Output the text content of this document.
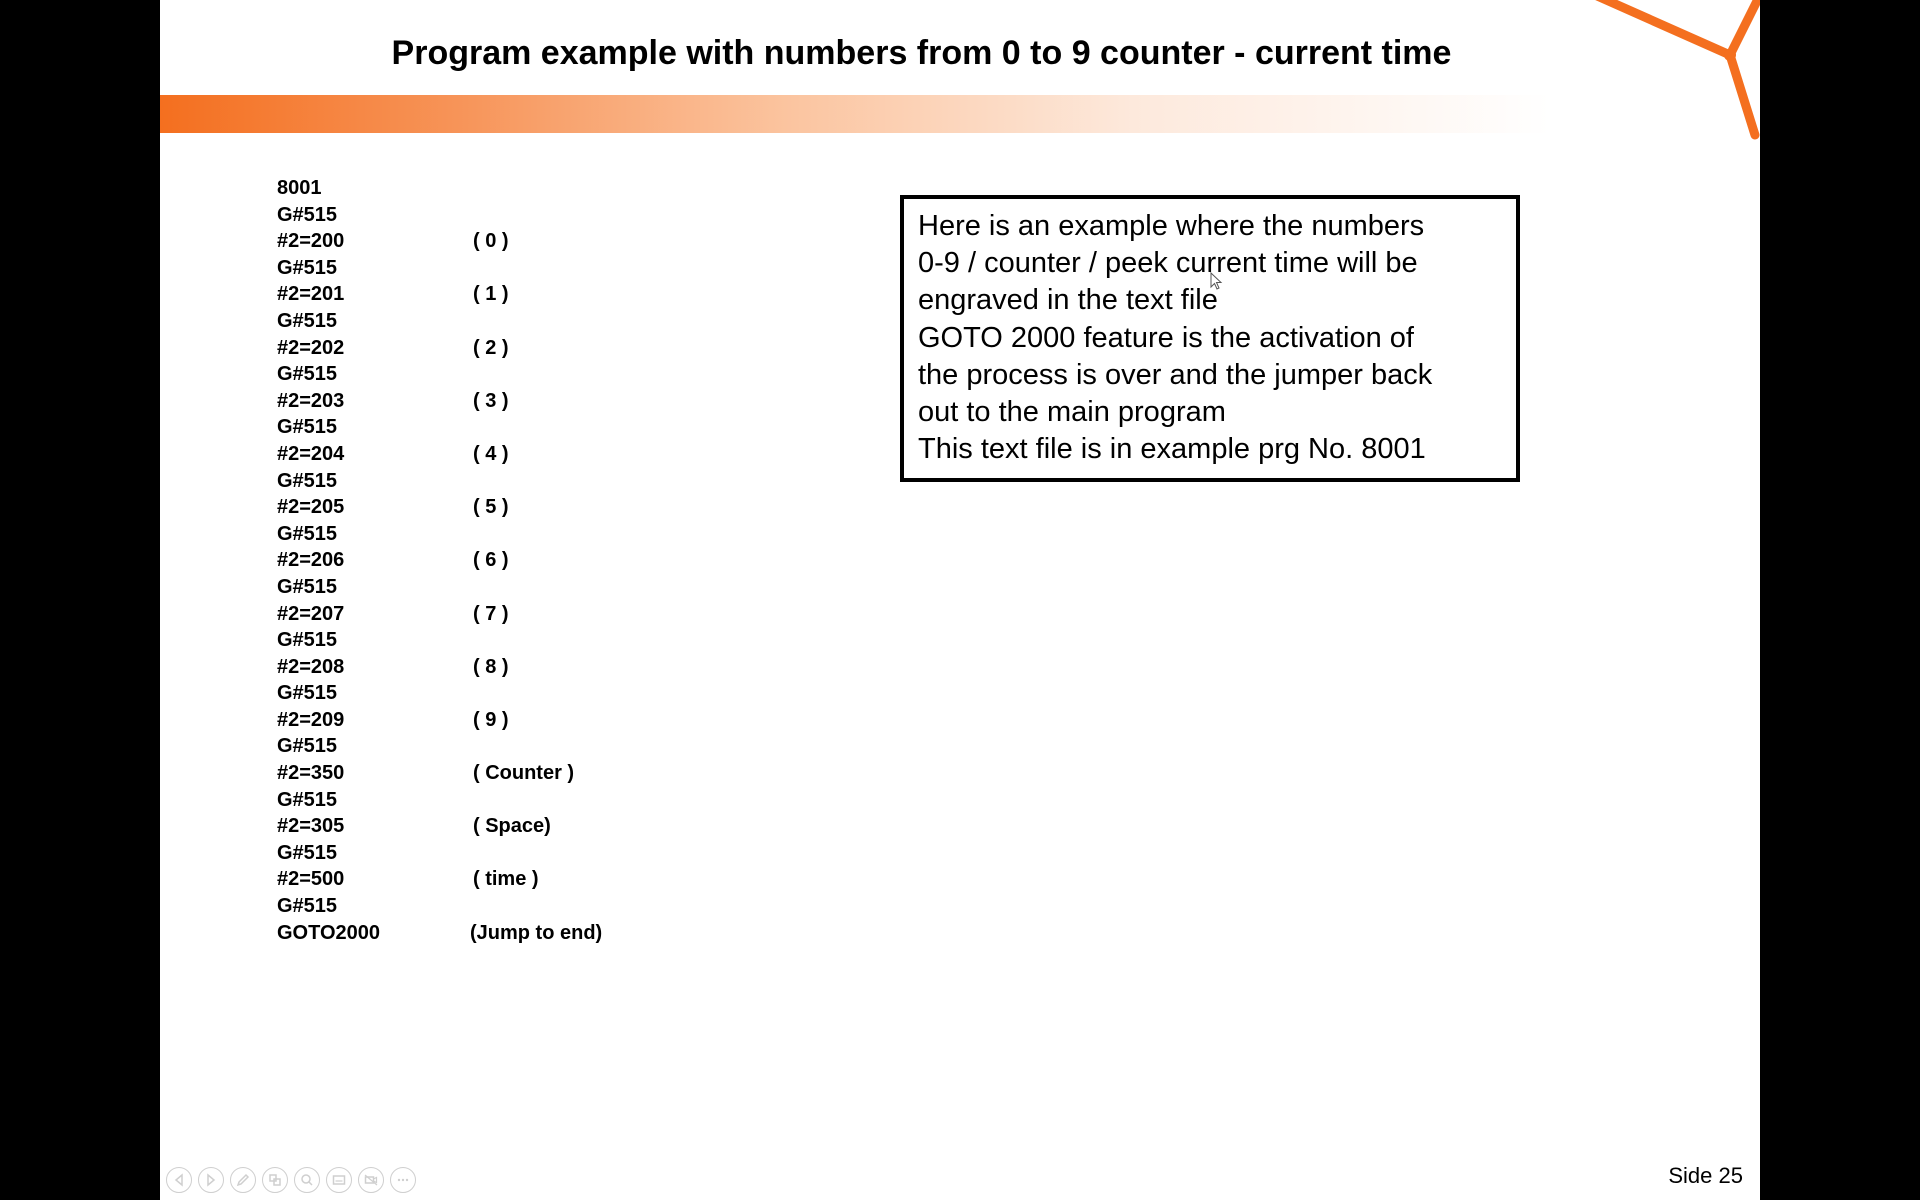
Program example with numbers from 0 to 9 counter - current time
8001
G#515
#2=200	( 0 )
G#515
#2=201	( 1 )
G#515
#2=202	( 2 )
G#515
#2=203	( 3 )
G#515
#2=204	( 4 )
G#515
#2=205	( 5 )
G#515
#2=206	( 6 )
G#515
#2=207	( 7 )
G#515
#2=208	( 8 )
G#515
#2=209	( 9 )
G#515
#2=350	( Counter )
G#515
#2=305	( Space)
G#515
#2=500	( time )
G#515
GOTO2000	(Jump to end)
Here is an example where the numbers
0-9 / counter / peek current time will be
engraved in the text file
GOTO 2000 feature is the activation of
the process is over and the jumper back
out to the main program
This text file is in example prg No. 8001
Side 25
